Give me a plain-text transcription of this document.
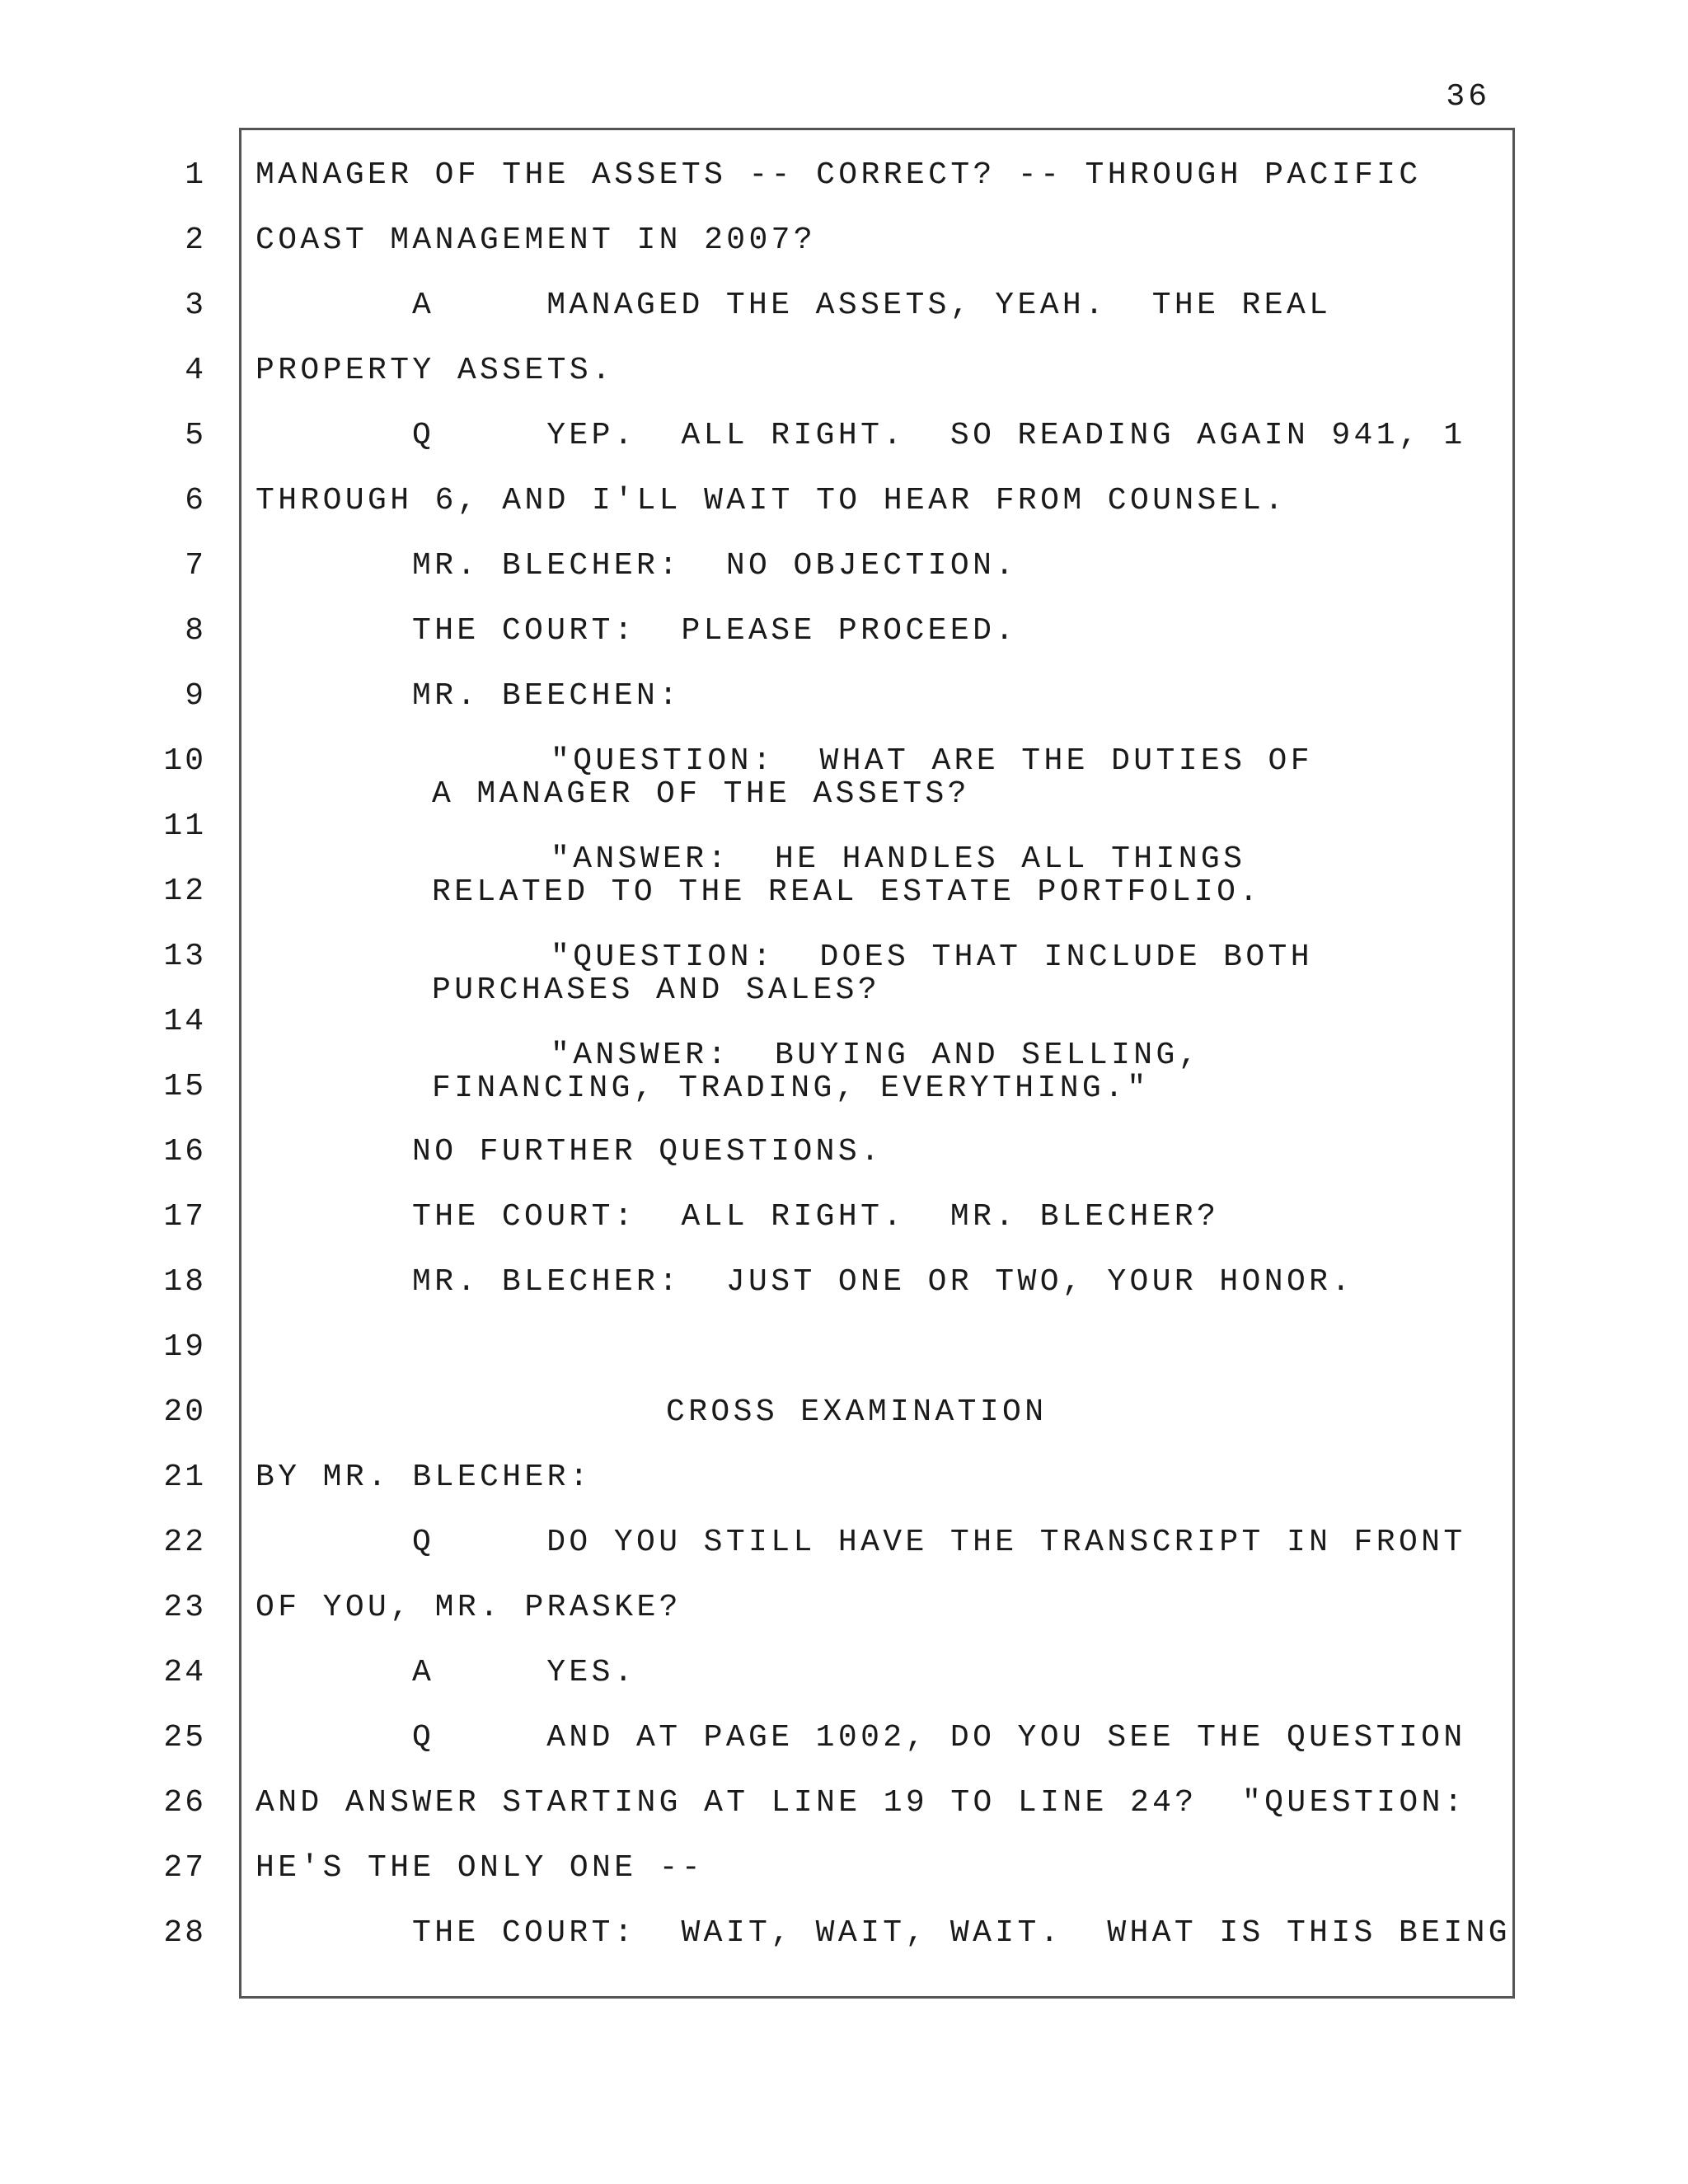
36
1
2
3
4
5
6
7
8
9
10
11
12
13
14
15
16
17
18
19
20
21
22
23
24
25
26
27
28
MANAGER OF THE ASSETS -- CORRECT? -- THROUGH PACIFIC
COAST MANAGEMENT IN 2007?
A     MANAGED THE ASSETS, YEAH.  THE REAL
PROPERTY ASSETS.
Q     YEP.  ALL RIGHT.  SO READING AGAIN 941, 1
THROUGH 6, AND I'LL WAIT TO HEAR FROM COUNSEL.
MR. BLECHER:  NO OBJECTION.
THE COURT:  PLEASE PROCEED.
MR. BEECHEN:
"QUESTION:  WHAT ARE THE DUTIES OF
A MANAGER OF THE ASSETS?
"ANSWER:  HE HANDLES ALL THINGS
RELATED TO THE REAL ESTATE PORTFOLIO.
"QUESTION:  DOES THAT INCLUDE BOTH
PURCHASES AND SALES?
"ANSWER:  BUYING AND SELLING,
FINANCING, TRADING, EVERYTHING."
NO FURTHER QUESTIONS.
THE COURT:  ALL RIGHT.  MR. BLECHER?
MR. BLECHER:  JUST ONE OR TWO, YOUR HONOR.
CROSS EXAMINATION
BY MR. BLECHER:
Q     DO YOU STILL HAVE THE TRANSCRIPT IN FRONT
OF YOU, MR. PRASKE?
A     YES.
Q     AND AT PAGE 1002, DO YOU SEE THE QUESTION
AND ANSWER STARTING AT LINE 19 TO LINE 24?  "QUESTION:
HE'S THE ONLY ONE --
THE COURT:  WAIT, WAIT, WAIT.  WHAT IS THIS BEING
